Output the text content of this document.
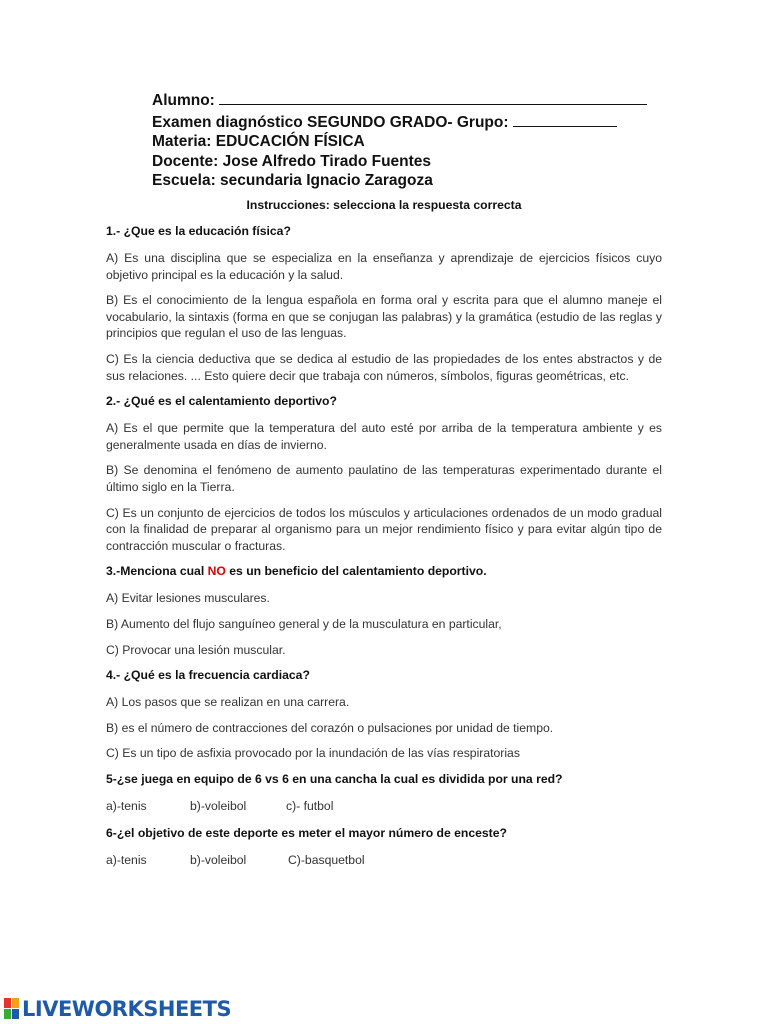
Alumno:
Examen diagnóstico SEGUNDO GRADO- Grupo:
Materia: EDUCACIÓN FÍSICA
Docente: Jose Alfredo Tirado Fuentes
Escuela: secundaria Ignacio Zaragoza
Instrucciones: selecciona la respuesta correcta
1.- ¿Que es la educación física?
A) Es una disciplina que se especializa en la enseñanza y aprendizaje de ejercicios físicos cuyo objetivo principal es la educación y la salud.
B) Es el conocimiento de la lengua española en forma oral y escrita para que el alumno maneje el vocabulario, la sintaxis (forma en que se conjugan las palabras) y la gramática (estudio de las reglas y principios que regulan el uso de las lenguas.
C) Es la ciencia deductiva que se dedica al estudio de las propiedades de los entes abstractos y de sus relaciones. ... Esto quiere decir que trabaja con números, símbolos, figuras geométricas, etc.
2.- ¿Qué es el calentamiento deportivo?
A) Es el que permite que la temperatura del auto esté por arriba de la temperatura ambiente y es generalmente usada en días de invierno.
B) Se denomina el fenómeno de aumento paulatino de las temperaturas experimentado durante el último siglo en la Tierra.
C) Es un conjunto de ejercicios de todos los músculos y articulaciones ordenados de un modo gradual con la finalidad de preparar al organismo para un mejor rendimiento físico y para evitar algún tipo de contracción muscular o fracturas.
3.-Menciona cual NO es un beneficio del calentamiento deportivo.
A) Evitar lesiones musculares.
B) Aumento del flujo sanguíneo general y de la musculatura en particular,
C) Provocar una lesión muscular.
4.- ¿Qué es la frecuencia cardiaca?
A) Los pasos que se realizan en una carrera.
B) es el número de contracciones del corazón o pulsaciones por unidad de tiempo.
C) Es un tipo de asfixia provocado por la inundación de las vías respiratorias
5-¿se juega en equipo de 6 vs 6 en una cancha la cual es dividida por una red?
a)-tenis	b)-voleibol	c)- futbol
6-¿el objetivo de este deporte es meter el mayor número de enceste?
a)-tenis	b)-voleibol	C)-basquetbol
LIVEWORKSHEETS
